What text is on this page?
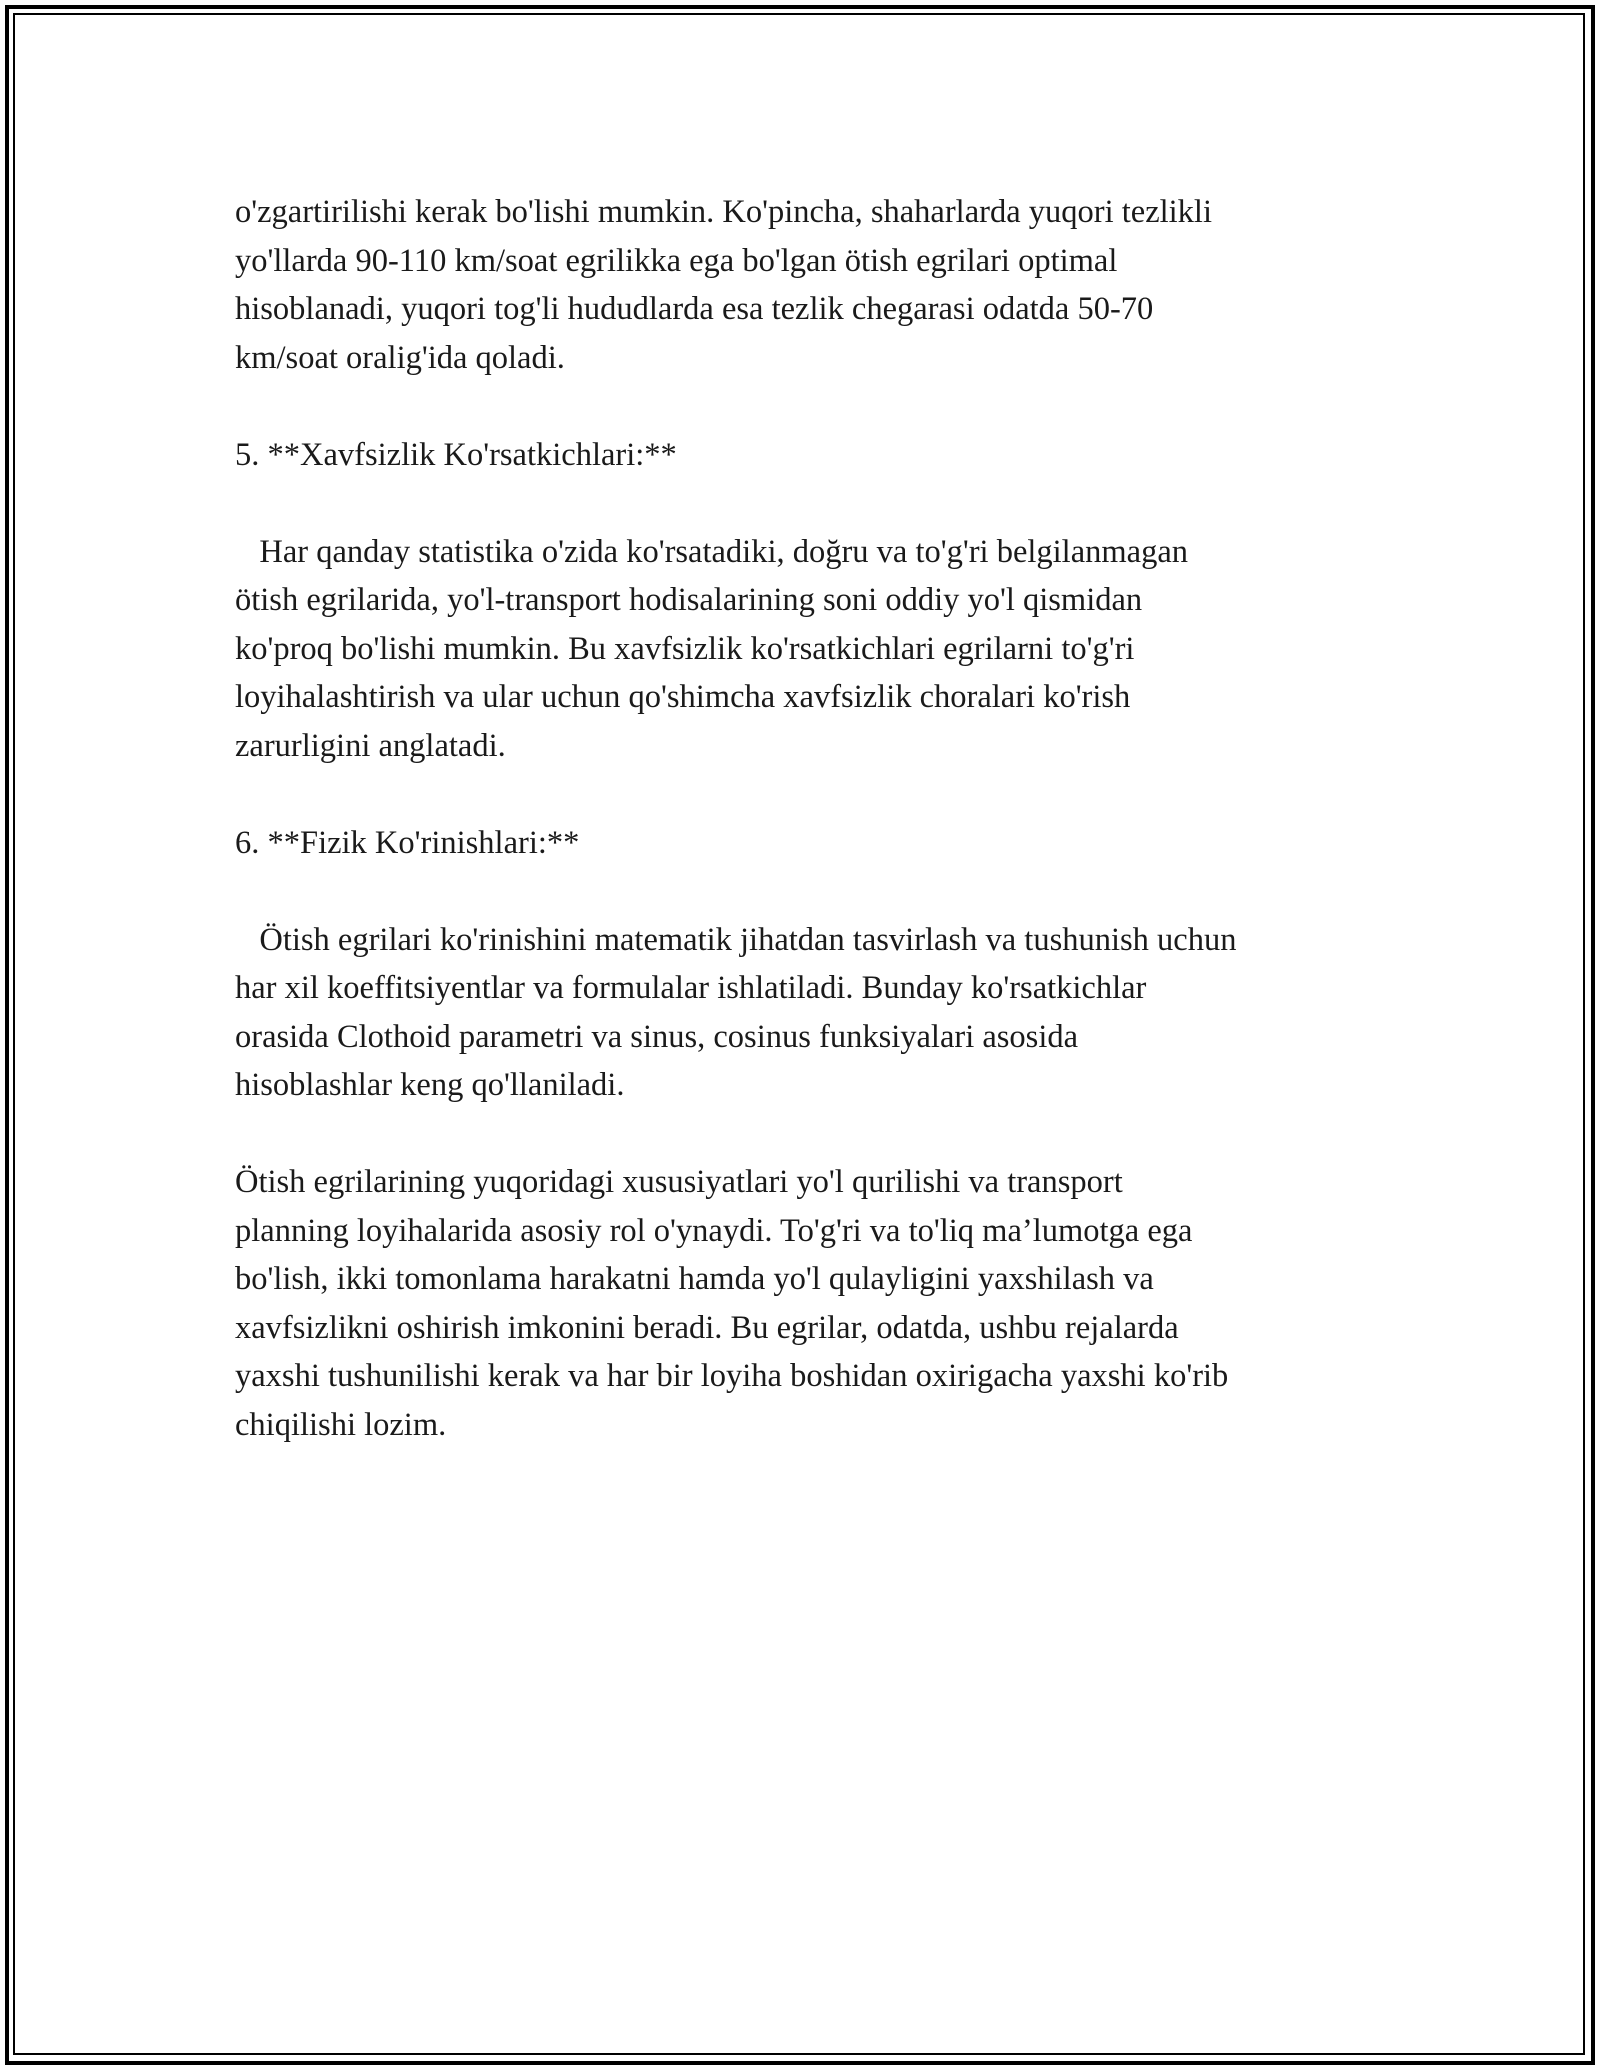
o'zgartirilishi kerak bo'lishi mumkin. Ko'pincha, shaharlarda yuqori tezlikli
yo'llarda 90-110 km/soat egrilikka ega bo'lgan ötish egrilari optimal
hisoblanadi, yuqori tog'li hududlarda esa tezlik chegarasi odatda 50-70
km/soat oralig'ida qoladi.

5. **Xavfsizlik Ko'rsatkichlari:**

Har qanday statistika o'zida ko'rsatadiki, doğru va to'g'ri belgilanmagan
ötish egrilarida, yo'l-transport hodisalarining soni oddiy yo'l qismidan
ko'proq bo'lishi mumkin. Bu xavfsizlik ko'rsatkichlari egrilarni to'g'ri
loyihalashtirish va ular uchun qo'shimcha xavfsizlik choralari ko'rish
zarurligini anglatadi.

6. **Fizik Ko'rinishlari:**

Ötish egrilari ko'rinishini matematik jihatdan tasvirlash va tushunish uchun
har xil koeffitsiyentlar va formulalar ishlatiladi. Bunday ko'rsatkichlar
orasida Clothoid parametri va sinus, cosinus funksiyalari asosida
hisoblashlar keng qo'llaniladi.

Ötish egrilarining yuqoridagi xususiyatlari yo'l qurilishi va transport
planning loyihalarida asosiy rol o'ynaydi. To'g'ri va to'liq ma’lumotga ega
bo'lish, ikki tomonlama harakatni hamda yo'l qulayligini yaxshilash va
xavfsizlikni oshirish imkonini beradi. Bu egrilar, odatda, ushbu rejalarda
yaxshi tushunilishi kerak va har bir loyiha boshidan oxirigacha yaxshi ko'rib
chiqilishi lozim.
